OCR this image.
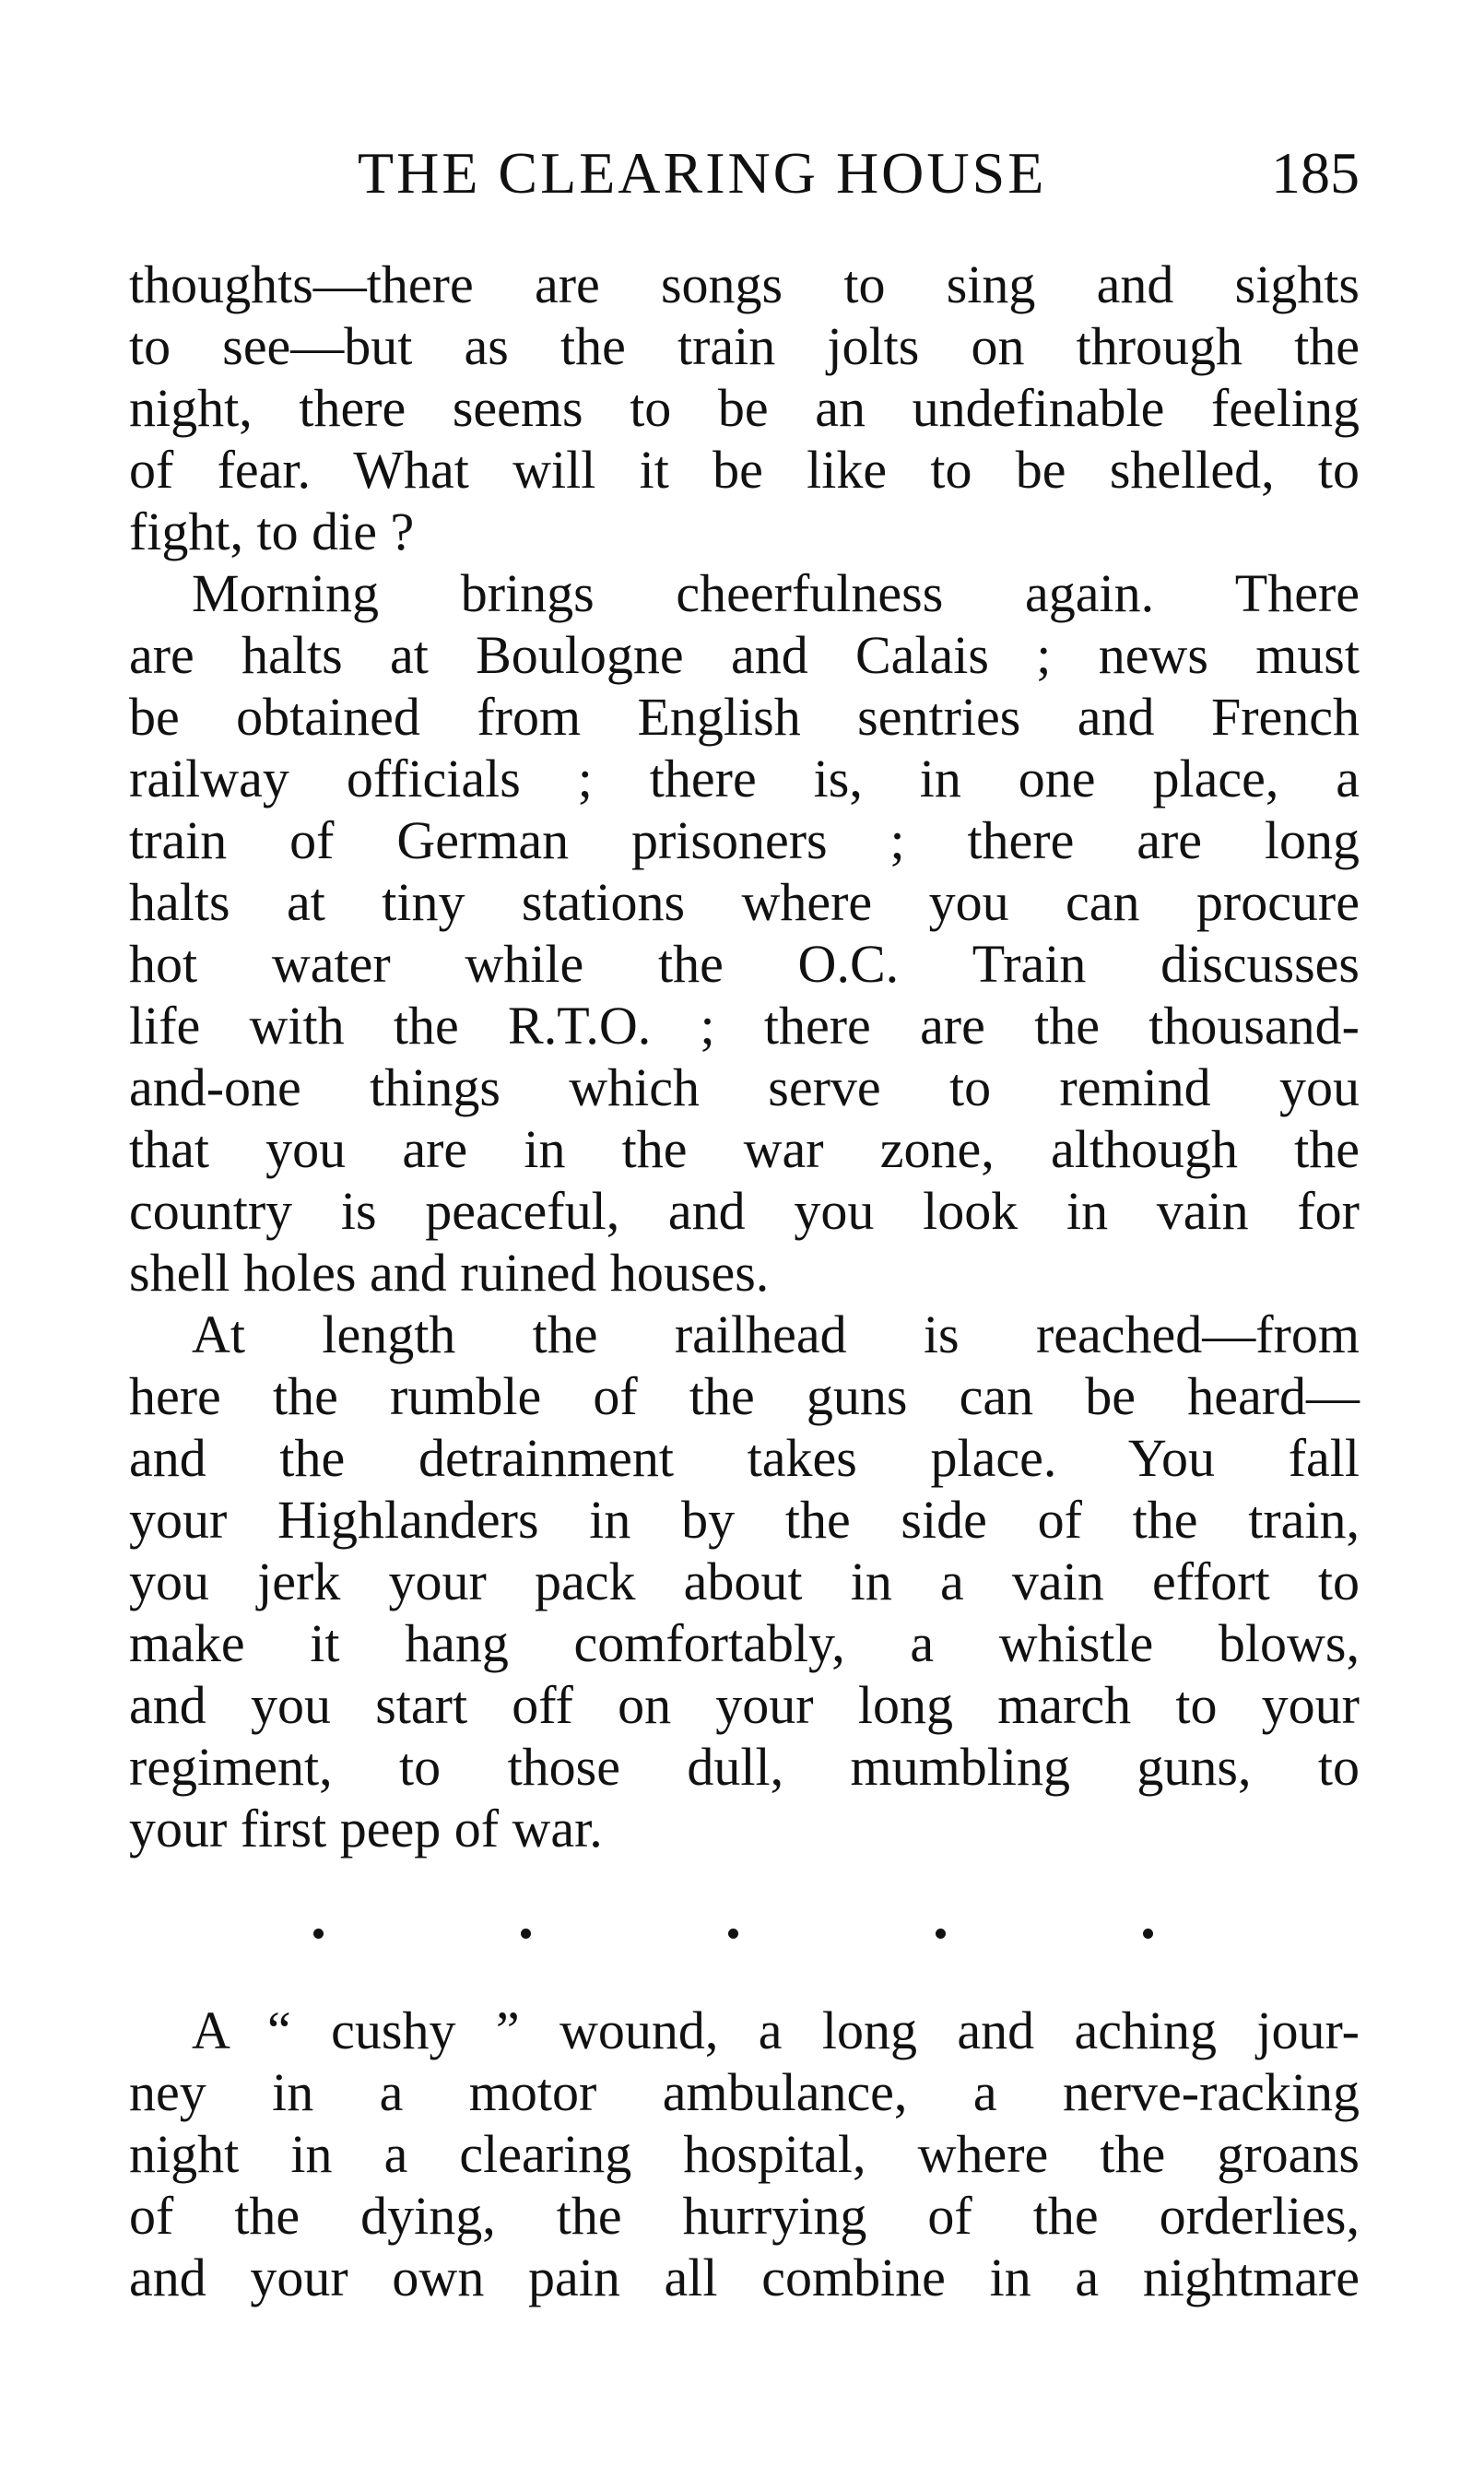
THE CLEARING HOUSE	185
thoughts—there are songs to sing and sights
to see—but as the train jolts on through the
night, there seems to be an undefinable feeling
of fear. What will it be like to be shelled, to
fight, to die ?
Morning brings cheerfulness again. There
are halts at Boulogne and Calais ; news must
be obtained from English sentries and French
railway officials ; there is, in one place, a
train of German prisoners ; there are long
halts at tiny stations where you can procure
hot water while the O.C. Train discusses
life with the R.T.O. ; there are the thousand-
and-one things which serve to remind you
that you are in the war zone, although the
country is peaceful, and you look in vain for
shell holes and ruined houses.
At length the railhead is reached—from
here the rumble of the guns can be heard—
and the detrainment takes place. You fall
your Highlanders in by the side of the train,
you jerk your pack about in a vain effort to
make it hang comfortably, a whistle blows,
and you start off on your long march to your
regiment, to those dull, mumbling guns, to
your first peep of war.
A “ cushy ” wound, a long and aching jour-
ney in a motor ambulance, a nerve-racking
night in a clearing hospital, where the groans
of the dying, the hurrying of the orderlies,
and your own pain all combine in a nightmare
